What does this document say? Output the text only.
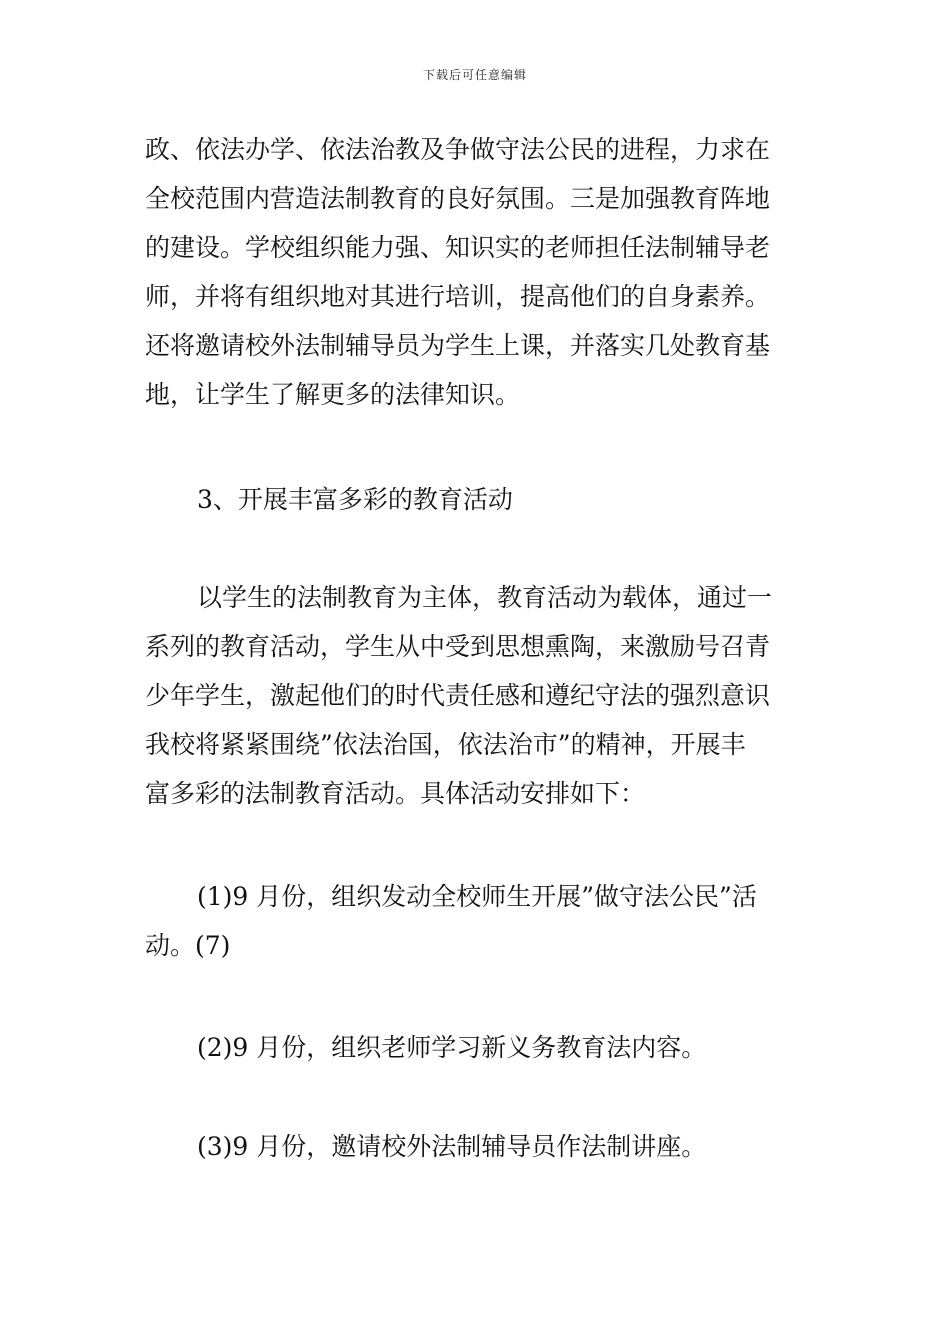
下载后可任意编辑
政、依法办学、依法治教及争做守法公民的进程，力求在
全校范围内营造法制教育的良好氛围。三是加强教育阵地
的建设。学校组织能力强、知识实的老师担任法制辅导老
师，并将有组织地对其进行培训，提高他们的自身素养。
还将邀请校外法制辅导员为学生上课，并落实几处教育基
地，让学生了解更多的法律知识。
3、开展丰富多彩的教育活动
以学生的法制教育为主体，教育活动为载体，通过一
系列的教育活动，学生从中受到思想熏陶，来激励号召青
少年学生，激起他们的时代责任感和遵纪守法的强烈意识
我校将紧紧围绕”依法治国，依法治市”的精神，开展丰
富多彩的法制教育活动。具体活动安排如下：
(1)9 月份，组织发动全校师生开展”做守法公民”活
动。(7)
(2)9 月份，组织老师学习新义务教育法内容。
(3)9 月份，邀请校外法制辅导员作法制讲座。
